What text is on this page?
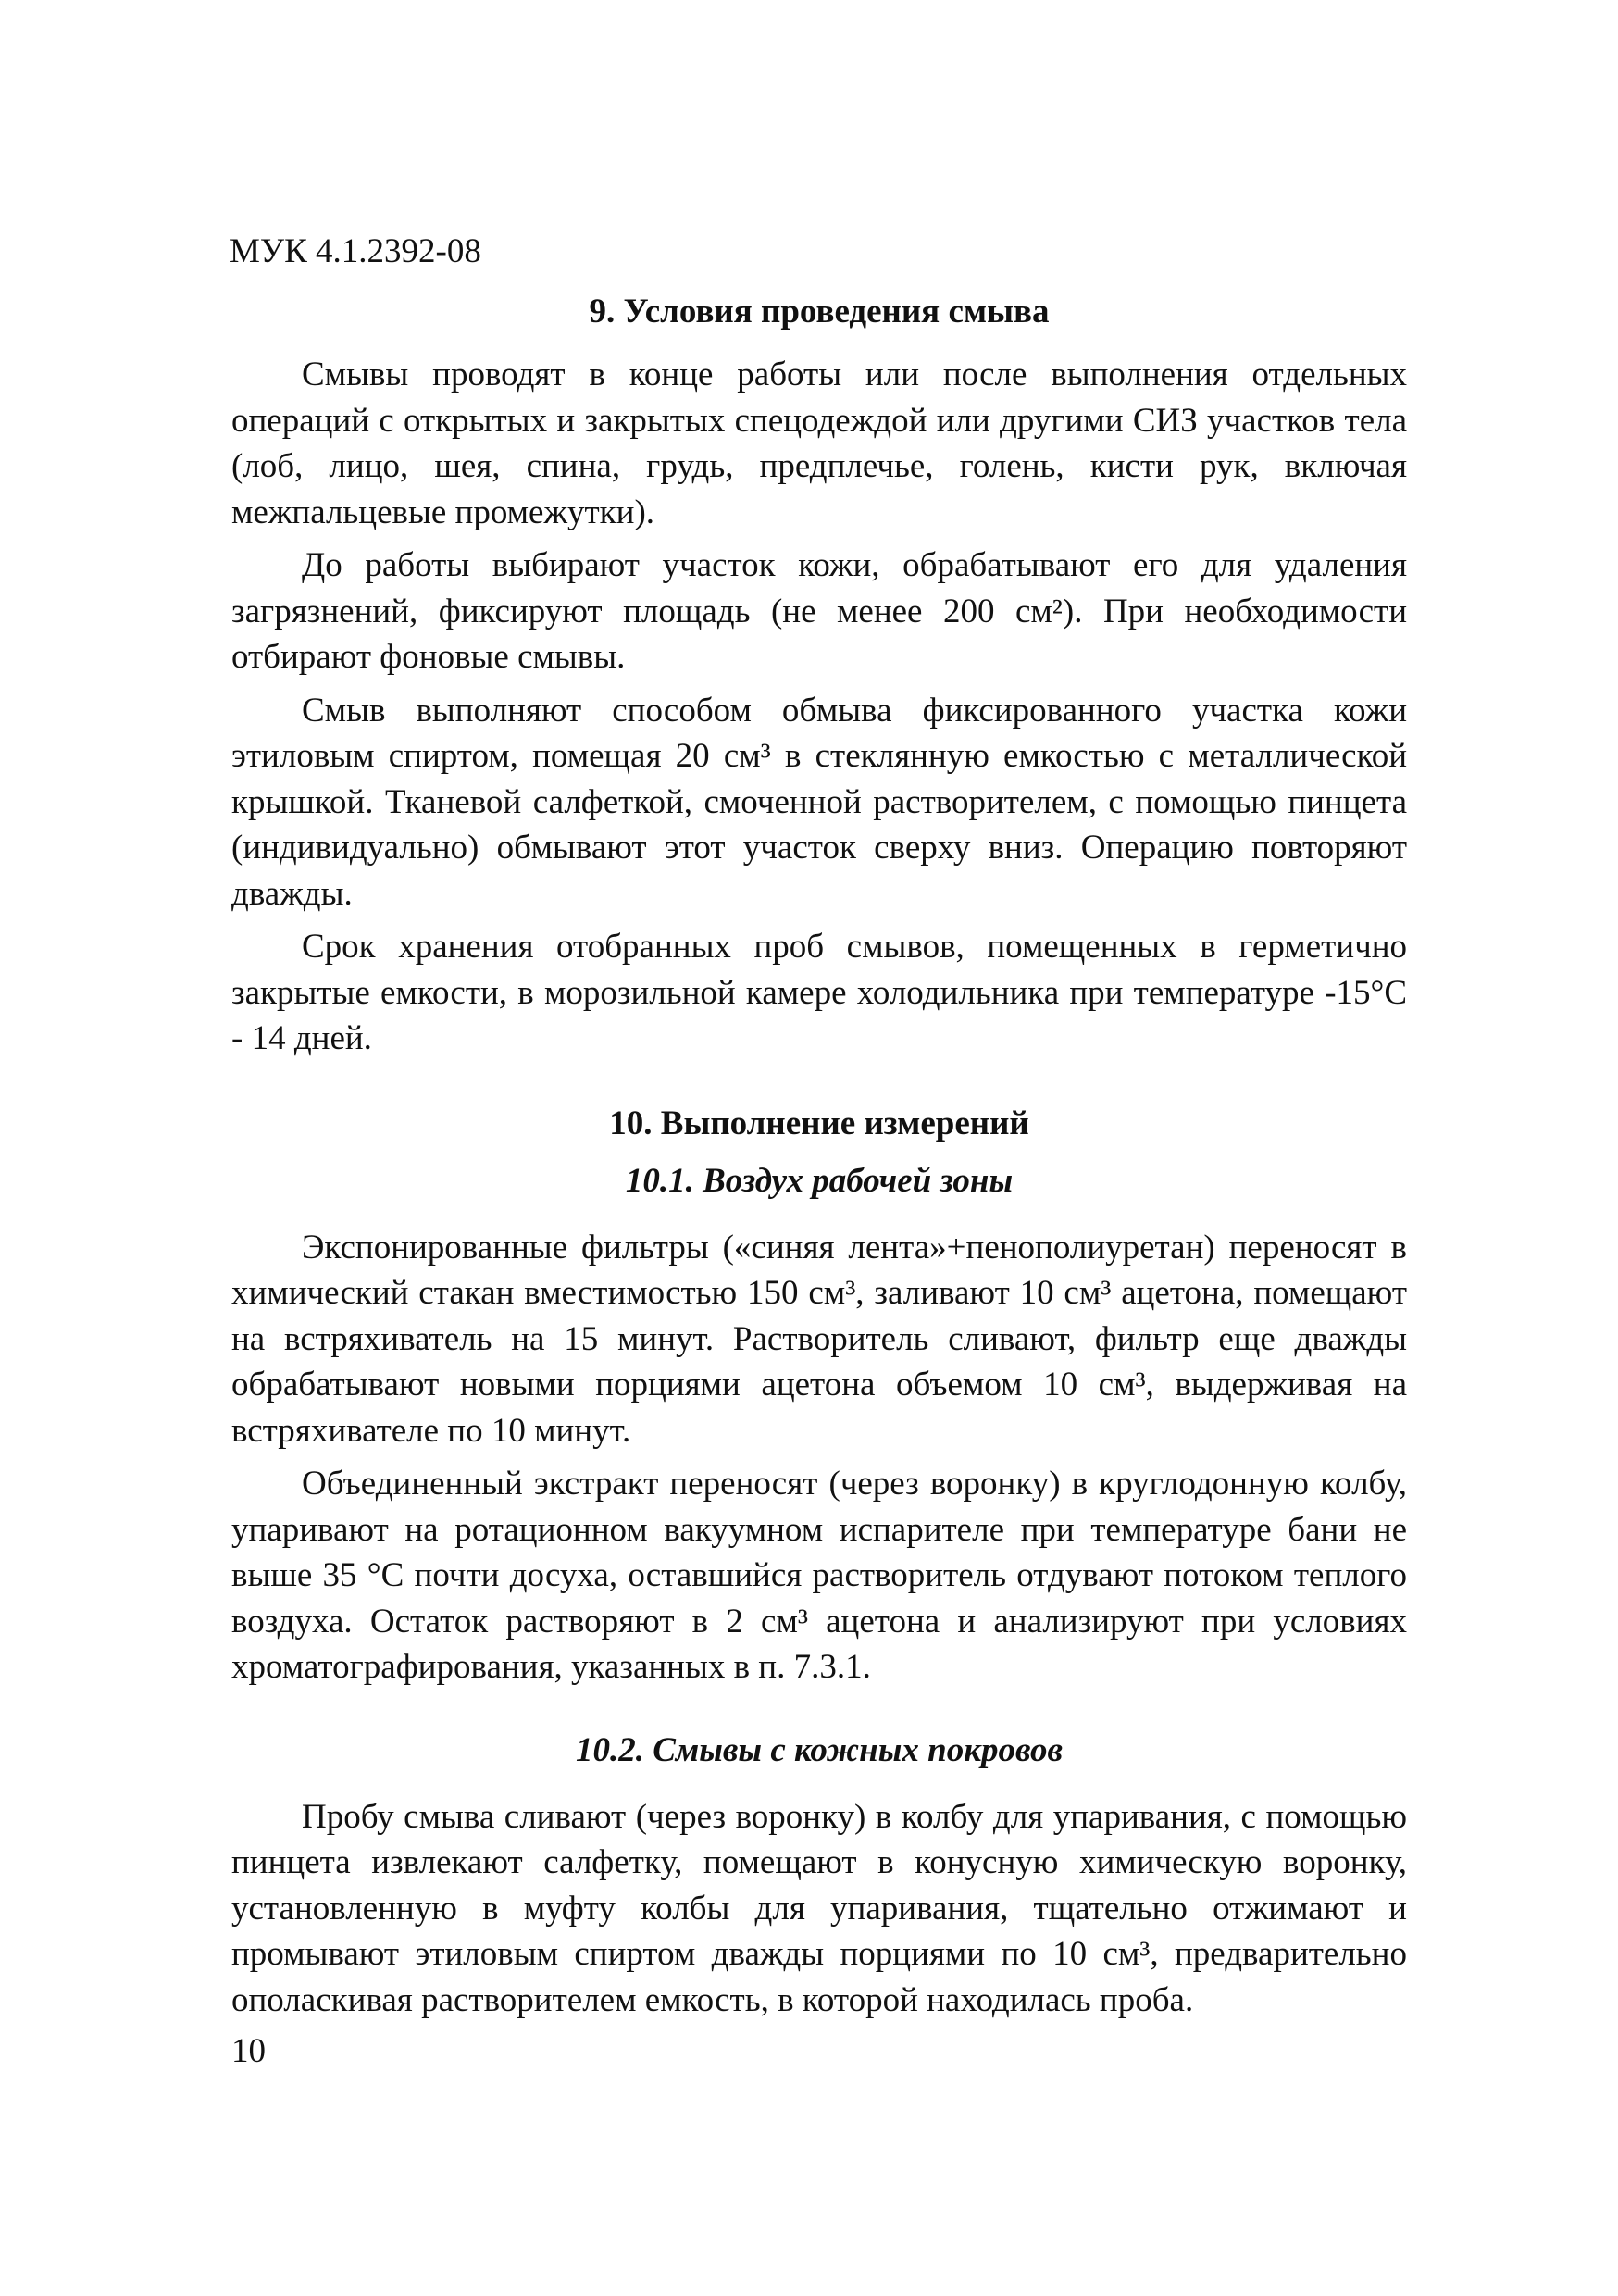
МУК 4.1.2392-08
9. Условия проведения смыва

Смывы проводят в конце работы или после выполнения отдельных операций с открытых и закрытых спецодеждой или другими СИЗ участков тела (лоб, лицо, шея, спина, грудь, предплечье, голень, кисти рук, включая межпальцевые промежутки).

До работы выбирают участок кожи, обрабатывают его для удаления загрязнений, фиксируют площадь (не менее 200 см²). При необходимости отбирают фоновые смывы.

Смыв выполняют способом обмыва фиксированного участка кожи этиловым спиртом, помещая 20 см³ в стеклянную емкостью с металлической крышкой. Тканевой салфеткой, смоченной растворителем, с помощью пинцета (индивидуально) обмывают этот участок сверху вниз. Операцию повторяют дважды.

Срок хранения отобранных проб смывов, помещенных в герметично закрытые емкости, в морозильной камере холодильника при температуре -15°С - 14 дней.

10. Выполнение измерений
10.1. Воздух рабочей зоны

Экспонированные фильтры («синяя лента»+пенополиуретан) переносят в химический стакан вместимостью 150 см³, заливают 10 см³ ацетона, помещают на встряхиватель на 15 минут. Растворитель сливают, фильтр еще дважды обрабатывают новыми порциями ацетона объемом 10 см³, выдерживая на встряхивателе по 10 минут.

Объединенный экстракт переносят (через воронку) в круглодонную колбу, упаривают на ротационном вакуумном испарителе при температуре бани не выше 35 °С почти досуха, оставшийся растворитель отдувают потоком теплого воздуха. Остаток растворяют в 2 см³ ацетона и анализируют при условиях хроматографирования, указанных в п. 7.3.1.

10.2. Смывы с кожных покровов

Пробу смыва сливают (через воронку) в колбу для упаривания, с помощью пинцета извлекают салфетку, помещают в конусную химическую воронку, установленную в муфту колбы для упаривания, тщательно отжимают и промывают этиловым спиртом дважды порциями по 10 см³, предварительно ополаскивая растворителем емкость, в которой находилась проба.

10
